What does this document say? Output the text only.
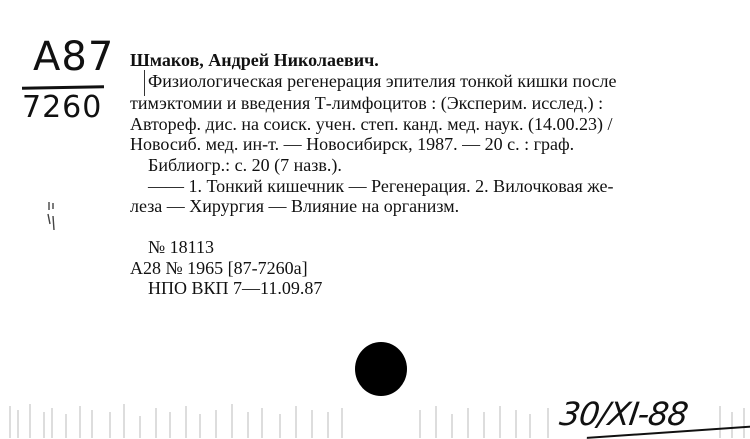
А87
7260
Шмаков, Андрей Николаевич.
Физиологическая регенерация эпителия тонкой кишки после
тимэктомии и введения Т-лимфоцитов : (Эксперим. исслед.) :
Автореф. дис. на соиск. учен. степ. канд. мед. наук. (14.00.23) /
Новосиб. мед. ин-т. — Новосибирск, 1987. — 20 с. : граф.
Библиогр.: с. 20 (7 назв.).
—— 1. Тонкий кишечник — Регенерация. 2. Вилочковая же-
леза — Хирургия — Влияние на организм.
№ 18113
А28 № 1965 [87-7260а]
НПО ВКП 7—11.09.87
30/XI-88
